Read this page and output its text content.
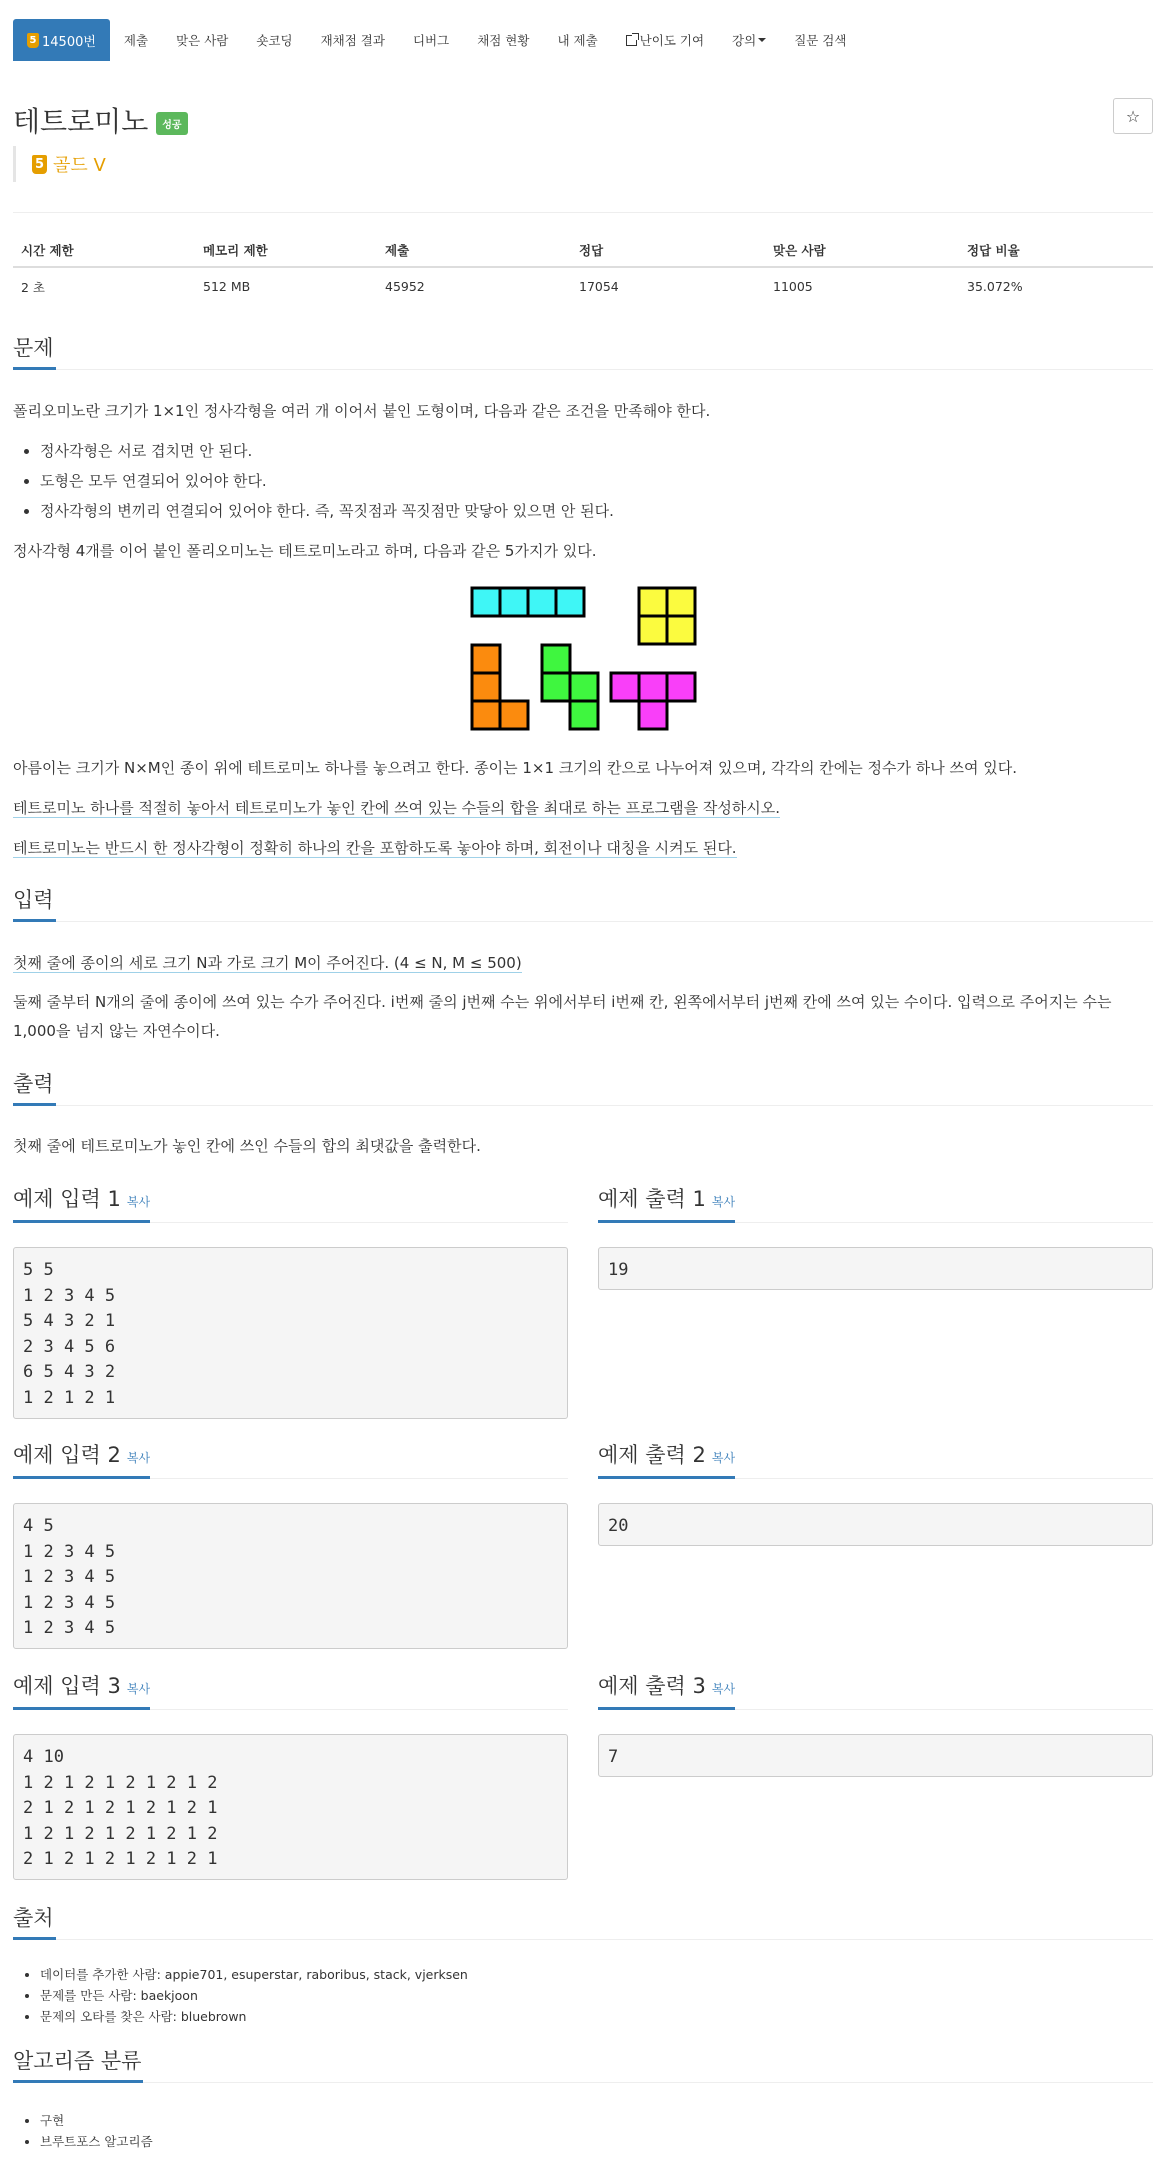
5 14500번	제출	맞은 사람	숏코딩	재채점 결과	디버그	채점 현황	내 제출	난이도 기여 강의	질문 검색
테트로미노	성공	☆
5 골드 V
시간 제한	메모리 제한	제출	정답	맞은 사람	정답 비율
2 초	512 MB	45952	17054	11005	35.072%
문제

폴리오미노란 크기가 1×1인 정사각형을 여러 개 이어서 붙인 도형이며, 다음과 같은 조건을 만족해야 한다.

• 정사각형은 서로 겹치면 안 된다.
• 도형은 모두 연결되어 있어야 한다.
• 정사각형의 변끼리 연결되어 있어야 한다. 즉, 꼭짓점과 꼭짓점만 맞닿아 있으면 안 된다.

정사각형 4개를 이어 붙인 폴리오미노는 테트로미노라고 하며, 다음과 같은 5가지가 있다.

아름이는 크기가 N×M인 종이 위에 테트로미노 하나를 놓으려고 한다. 종이는 1×1 크기의 칸으로 나누어져 있으며, 각각의 칸에는 정수가 하나 쓰여 있다.

테트로미노 하나를 적절히 놓아서 테트로미노가 놓인 칸에 쓰여 있는 수들의 합을 최대로 하는 프로그램을 작성하시오.

테트로미노는 반드시 한 정사각형이 정확히 하나의 칸을 포함하도록 놓아야 하며, 회전이나 대칭을 시켜도 된다.

입력

첫째 줄에 종이의 세로 크기 N과 가로 크기 M이 주어진다. (4 ≤ N, M ≤ 500)

둘째 줄부터 N개의 줄에 종이에 쓰여 있는 수가 주어진다. i번째 줄의 j번째 수는 위에서부터 i번째 칸, 왼쪽에서부터 j번째 칸에 쓰여 있는 수이다. 입력으로 주어지는 수는 1,000을 넘지 않는 자연수이다.

출력

첫째 줄에 테트로미노가 놓인 칸에 쓰인 수들의 합의 최댓값을 출력한다.

예제 입력 1 복사	예제 출력 1 복사
5 5
1 2 3 4 5
5 4 3 2 1
2 3 4 5 6
6 5 4 3 2
1 2 1 2 1
19
예제 입력 2 복사	예제 출력 2 복사
4 5
1 2 3 4 5
1 2 3 4 5
1 2 3 4 5
1 2 3 4 5
20
예제 입력 3 복사	예제 출력 3 복사
4 10
1 2 1 2 1 2 1 2 1 2
2 1 2 1 2 1 2 1 2 1
1 2 1 2 1 2 1 2 1 2
2 1 2 1 2 1 2 1 2 1
7
출처
• 데이터를 추가한 사람: appie701, esuperstar, raboribus, stack, vjerksen
• 문제를 만든 사람: baekjoon
• 문제의 오타를 찾은 사람: bluebrown
알고리즘 분류
• 구현
• 브루트포스 알고리즘
